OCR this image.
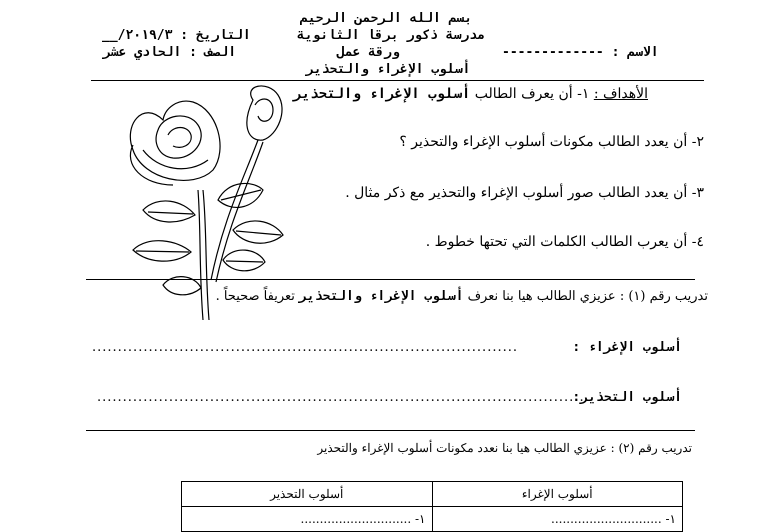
بسم الله الرحمن الرحيم
مدرسة ذكور برقا الثانوية
ورقة عمل
أسلوب الإغراء والتحذير
التاريخ : ٢٠١٩/٣/__
الصف : الحادي عشر	الاسم : -------------
الأهداف : ١- أن يعرف الطالب أسلوب الإغراء والتحذير
٢- أن يعدد الطالب مكونات أسلوب الإغراء والتحذير ؟
٣- أن يعدد الطالب صور أسلوب الإغراء والتحذير مع ذكر مثال .
٤- أن يعرب الطالب الكلمات التي تحتها خطوط .
تدريب رقم (١) : عزيزي الطالب هيا بنا نعرف أسلوب الإغراء والتحذير تعريفاً صحيحاً .
أسلوب الإغراء :
...................................................................................
أسلوب التحذير:
...............................................................................................
تدريب رقم (٢) : عزيزي الطالب هيا بنا نعدد مكونات أسلوب الإغراء والتحذير
أسلوب الإغراء	أسلوب التحذير
١- .............................	١- .............................
